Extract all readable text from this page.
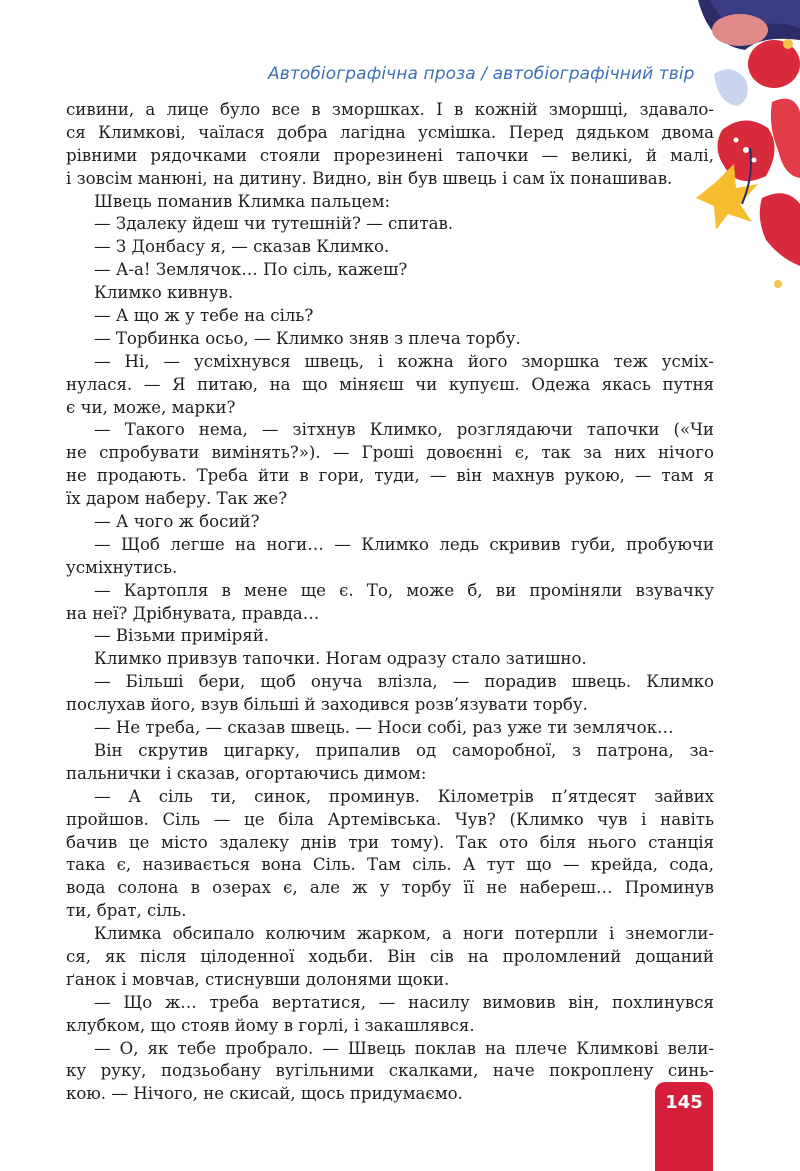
Автобіографічна проза / автобіографічний твір
сивини, а лице було все в зморшках. І в кожній зморшці, здавало-
ся Климкові, чаїлася добра лагідна усмішка. Перед дядьком двома
рівними рядочками стояли прорезинені тапочки — великі, й малі,
і зовсім манюні, на дитину. Видно, він був швець і сам їх понашивав.
Швець поманив Климка пальцем:
— Здалеку йдеш чи тутешній? — спитав.
— З Донбасу я, — сказав Климко.
— А-а! Землячок… По сіль, кажеш?
Климко кивнув.
— А що ж у тебе на сіль?
— Торбинка осьо, — Климко зняв з плеча торбу.
— Ні, — усміхнувся швець, і кожна його зморшка теж усміх-
нулася. — Я питаю, на що міняєш чи купуєш. Одежа якась путня
є чи, може, марки?
— Такого нема, — зітхнув Климко, розглядаючи тапочки («Чи
не спробувати вимінять?»). — Гроші довоєнні є, так за них нічого
не продають. Треба йти в гори, туди, — він махнув рукою, — там я
їх даром наберу. Так же?
— А чого ж босий?
— Щоб легше на ноги… — Климко ледь скривив губи, пробуючи
усміхнутись.
— Картопля в мене ще є. То, може б, ви проміняли взувачку
на неї? Дрібнувата, правда…
— Візьми приміряй.
Климко привзув тапочки. Ногам одразу стало затишно.
— Більші бери, щоб онуча влізла, — порадив швець. Климко
послухав його, взув більші й заходився розв’язувати торбу.
— Не треба, — сказав швець. — Носи собі, раз уже ти землячок…
Він скрутив цигарку, припалив од саморобної, з патрона, за-
пальнички і сказав, огортаючись димом:
— А сіль ти, синок, проминув. Кілометрів п’ятдесят зайвих
пройшов. Сіль — це біла Артемівська. Чув? (Климко чув і навіть
бачив це місто здалеку днів три тому). Так ото біля нього станція
така є, називається вона Сіль. Там сіль. А тут що — крейда, сода,
вода солона в озерах є, але ж у торбу її не набереш… Проминув
ти, брат, сіль.
Климка обсипало колючим жарком, а ноги потерпли і знемогли-
ся, як після цілоденної ходьби. Він сів на проломлений дощаний
ґанок і мовчав, стиснувши долонями щоки.
— Що ж… треба вертатися, — насилу вимовив він, похлинувся
клубком, що стояв йому в горлі, і закашлявся.
— О, як тебе пробрало. — Швець поклав на плече Климкові вели-
ку руку, подзьобану вугільними скалками, наче покроплену синь-
кою. — Нічого, не скисай, щось придумаємо.	145
